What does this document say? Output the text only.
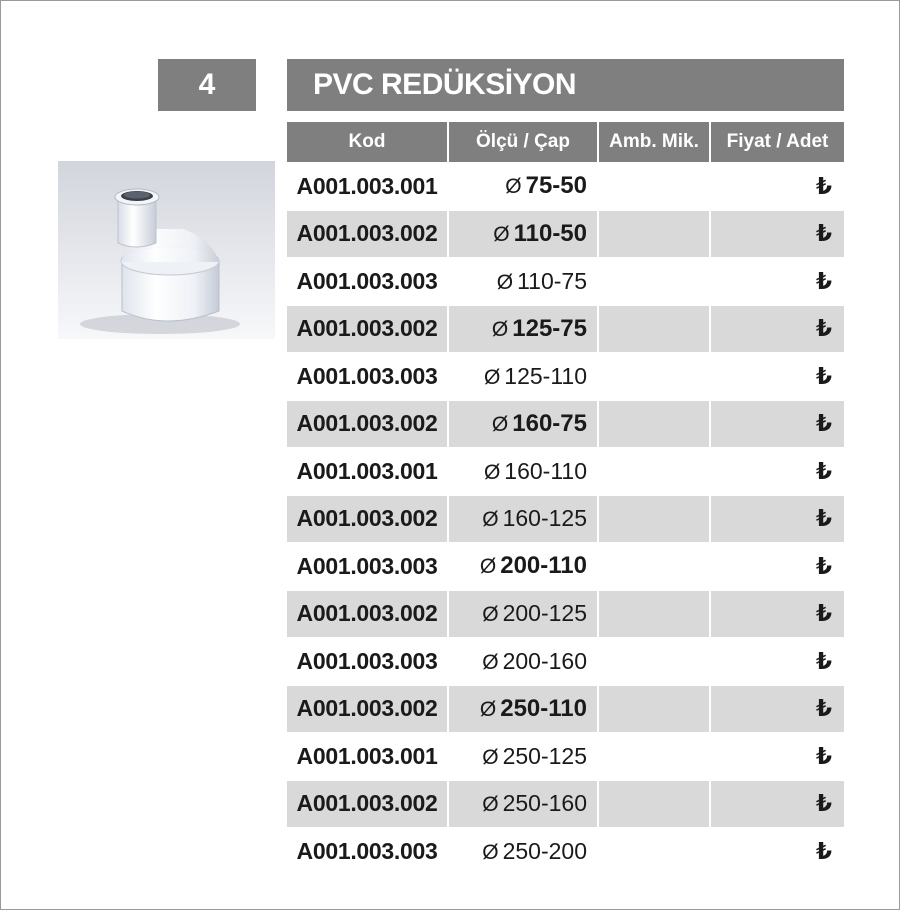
4	PVC REDÜKSİYON
Kod	Ölçü / Çap	Amb. Mik.	Fiyat / Adet
A001.003.001	Ø 75-50		₺
A001.003.002	Ø 110-50		₺
A001.003.003	Ø 110-75		₺
A001.003.002	Ø 125-75		₺
A001.003.003	Ø 125-110		₺
A001.003.002	Ø 160-75		₺
A001.003.001	Ø 160-110		₺
A001.003.002	Ø 160-125		₺
A001.003.003	Ø 200-110		₺
A001.003.002	Ø 200-125		₺
A001.003.003	Ø 200-160		₺
A001.003.002	Ø 250-110		₺
A001.003.001	Ø 250-125		₺
A001.003.002	Ø 250-160		₺
A001.003.003	Ø 250-200		₺
